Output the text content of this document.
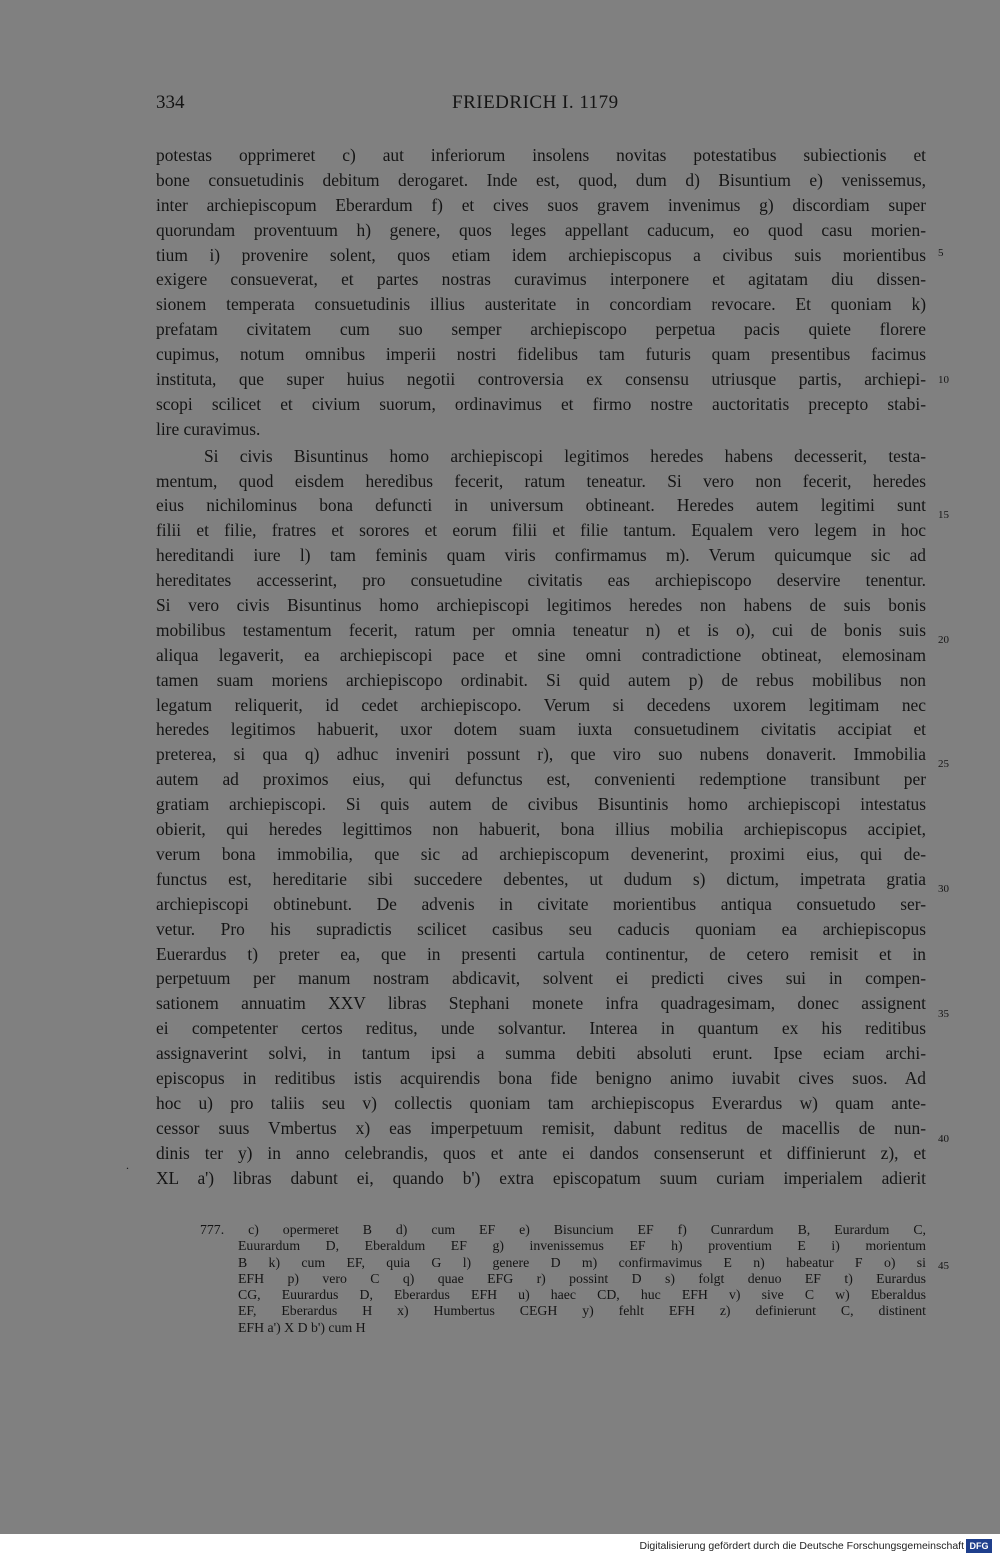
334	FRIEDRICH I. 1179
potestas opprimeret c) aut inferiorum insolens novitas potestatibus subiectionis et
bone consuetudinis debitum derogaret. Inde est, quod, dum d) Bisuntium e) venissemus,
inter archiepiscopum Eberardum f) et cives suos gravem invenimus g) discordiam super
quorundam proventuum h) genere, quos leges appellant caducum, eo quod casu morien-
tium i) provenire solent, quos etiam idem archiepiscopus a civibus suis morientibus
exigere consueverat, et partes nostras curavimus interponere et agitatam diu dissen-
sionem temperata consuetudinis illius austeritate in concordiam revocare. Et quoniam k)
prefatam civitatem cum suo semper archiepiscopo perpetua pacis quiete florere
cupimus, notum omnibus imperii nostri fidelibus tam futuris quam presentibus facimus
instituta, que super huius negotii controversia ex consensu utriusque partis, archiepi-
scopi scilicet et civium suorum, ordinavimus et firmo nostre auctoritatis precepto stabi-
lire curavimus.
Si civis Bisuntinus homo archiepiscopi legitimos heredes habens decesserit, testa-
mentum, quod eisdem heredibus fecerit, ratum teneatur. Si vero non fecerit, heredes
eius nichilominus bona defuncti in universum obtineant. Heredes autem legitimi sunt
filii et filie, fratres et sorores et eorum filii et filie tantum. Equalem vero legem in hoc
hereditandi iure l) tam feminis quam viris confirmamus m). Verum quicumque sic ad
hereditates accesserint, pro consuetudine civitatis eas archiepiscopo deservire tenentur.
Si vero civis Bisuntinus homo archiepiscopi legitimos heredes non habens de suis bonis
mobilibus testamentum fecerit, ratum per omnia teneatur n) et is o), cui de bonis suis
aliqua legaverit, ea archiepiscopi pace et sine omni contradictione obtineat, elemosinam
tamen suam moriens archiepiscopo ordinabit. Si quid autem p) de rebus mobilibus non
legatum reliquerit, id cedet archiepiscopo. Verum si decedens uxorem legitimam nec
heredes legitimos habuerit, uxor dotem suam iuxta consuetudinem civitatis accipiat et
preterea, si qua q) adhuc inveniri possunt r), que viro suo nubens donaverit. Immobilia
autem ad proximos eius, qui defunctus est, convenienti redemptione transibunt per
gratiam archiepiscopi. Si quis autem de civibus Bisuntinis homo archiepiscopi intestatus
obierit, qui heredes legittimos non habuerit, bona illius mobilia archiepiscopus accipiet,
verum bona immobilia, que sic ad archiepiscopum devenerint, proximi eius, qui de-
functus est, hereditarie sibi succedere debentes, ut dudum s) dictum, impetrata gratia
archiepiscopi obtinebunt. De advenis in civitate morientibus antiqua consuetudo ser-
vetur. Pro his supradictis scilicet casibus seu caducis quoniam ea archiepiscopus
Euerardus t) preter ea, que in presenti cartula continentur, de cetero remisit et in
perpetuum per manum nostram abdicavit, solvent ei predicti cives sui in compen-
sationem annuatim XXV libras Stephani monete infra quadragesimam, donec assignent
ei competenter certos reditus, unde solvantur. Interea in quantum ex his reditibus
assignaverint solvi, in tantum ipsi a summa debiti absoluti erunt. Ipse eciam archi-
episcopus in reditibus istis acquirendis bona fide benigno animo iuvabit cives suos. Ad
hoc u) pro taliis seu v) collectis quoniam tam archiepiscopus Everardus w) quam ante-
cessor suus Vmbertus x) eas imperpetuum remisit, dabunt reditus de macellis de nun-
dinis ter y) in anno celebrandis, quos et ante ei dandos consenserunt et diffinierunt z), et
XL a') libras dabunt ei, quando b') extra episcopatum suum curiam imperialem adierit
5
10
15
20
25
30
35
40
45
.
777. c) opermeret B d) cum EF e) Bisuncium EF f) Cunrardum B, Eurardum C,
Euurardum D, Eberaldum EF g) invenissemus EF h) proventium E i) morientum
B k) cum EF, quia G l) genere D m) confirmavimus E n) habeatur F o) si
EFH p) vero C q) quae EFG r) possint D s) folgt denuo EF t) Eurardus
CG, Euurardus D, Eberardus EFH u) haec CD, huc EFH v) sive C w) Eberaldus
EF, Eberardus H x) Humbertus CEGH y) fehlt EFH z) definierunt C, distinent
EFH a') X D b') cum H
Digitalisierung gefördert durch die Deutsche Forschungsgemeinschaft DFG
